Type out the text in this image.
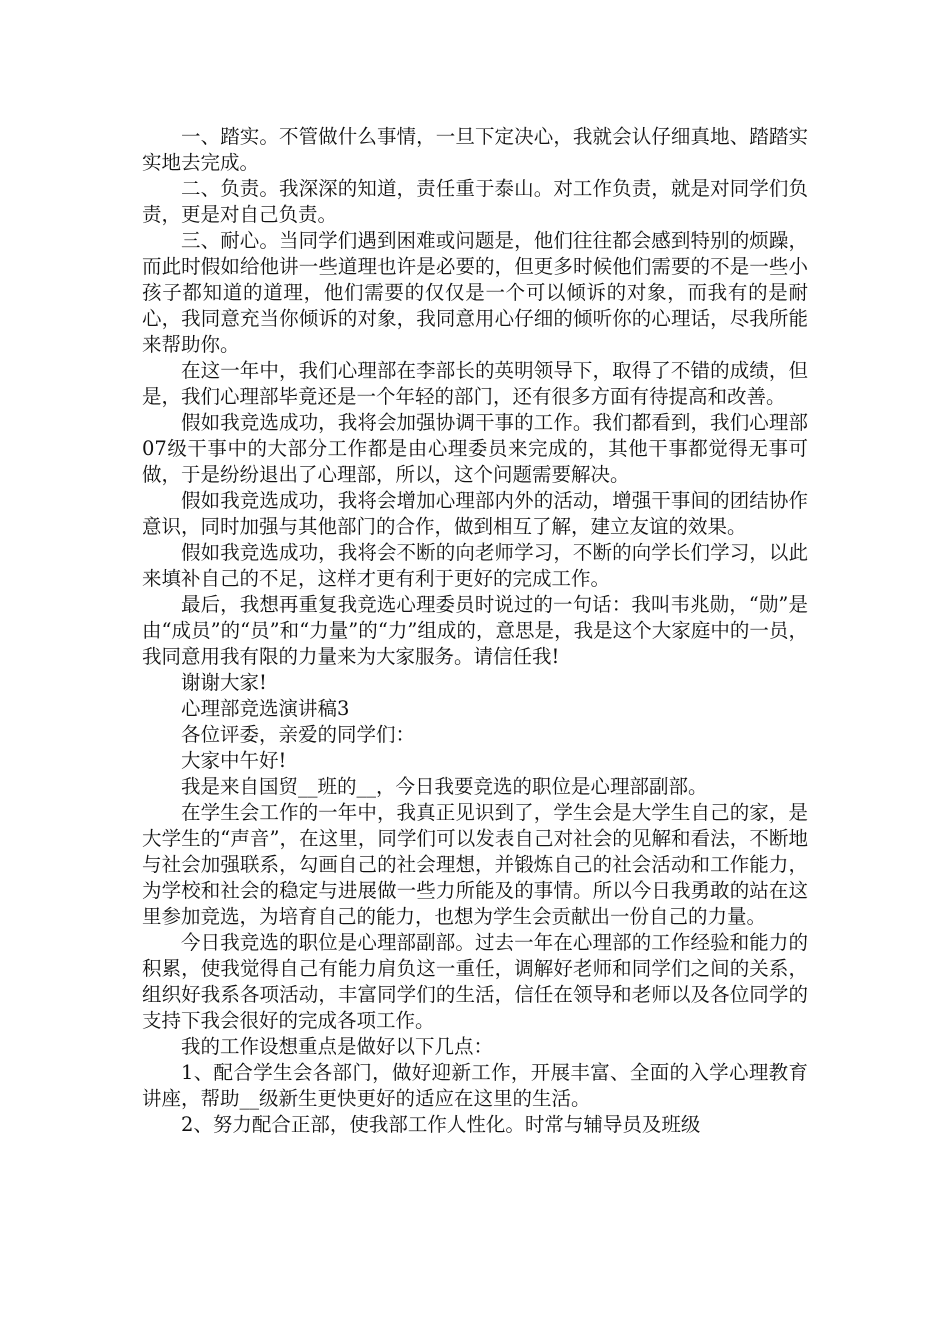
一、踏实。不管做什么事情，一旦下定决心，我就会认仔细真地、踏踏实实地去完成。

二、负责。我深深的知道，责任重于泰山。对工作负责，就是对同学们负责，更是对自己负责。

三、耐心。当同学们遇到困难或问题是，他们往往都会感到特别的烦躁，而此时假如给他讲一些道理也许是必要的，但更多时候他们需要的不是一些小孩子都知道的道理，他们需要的仅仅是一个可以倾诉的对象，而我有的是耐心，我同意充当你倾诉的对象，我同意用心仔细的倾听你的心理话，尽我所能来帮助你。

在这一年中，我们心理部在李部长的英明领导下，取得了不错的成绩，但是，我们心理部毕竟还是一个年轻的部门，还有很多方面有待提高和改善。

假如我竞选成功，我将会加强协调干事的工作。我们都看到，我们心理部07级干事中的大部分工作都是由心理委员来完成的，其他干事都觉得无事可做，于是纷纷退出了心理部，所以，这个问题需要解决。

假如我竞选成功，我将会增加心理部内外的活动，增强干事间的团结协作意识，同时加强与其他部门的合作，做到相互了解，建立友谊的效果。

假如我竞选成功，我将会不断的向老师学习，不断的向学长们学习，以此来填补自己的不足，这样才更有利于更好的完成工作。

最后，我想再重复我竞选心理委员时说过的一句话：我叫韦兆勋，“勋”是由“成员”的“员”和“力量”的“力”组成的，意思是，我是这个大家庭中的一员，我同意用我有限的力量来为大家服务。请信任我!

谢谢大家!

心理部竞选演讲稿3

各位评委，亲爱的同学们：

大家中午好!

我是来自国贸__班的__，今日我要竞选的职位是心理部副部。

在学生会工作的一年中，我真正见识到了，学生会是大学生自己的家，是大学生的“声音”，在这里，同学们可以发表自己对社会的见解和看法，不断地与社会加强联系，勾画自己的社会理想，并锻炼自己的社会活动和工作能力，为学校和社会的稳定与进展做一些力所能及的事情。所以今日我勇敢的站在这里参加竞选，为培育自己的能力，也想为学生会贡献出一份自己的力量。

今日我竞选的职位是心理部副部。过去一年在心理部的工作经验和能力的积累，使我觉得自己有能力肩负这一重任，调解好老师和同学们之间的关系，组织好我系各项活动，丰富同学们的生活，信任在领导和老师以及各位同学的支持下我会很好的完成各项工作。

我的工作设想重点是做好以下几点：

1、配合学生会各部门，做好迎新工作，开展丰富、全面的入学心理教育讲座，帮助__级新生更快更好的适应在这里的生活。

2、努力配合正部，使我部工作人性化。时常与辅导员及班级
